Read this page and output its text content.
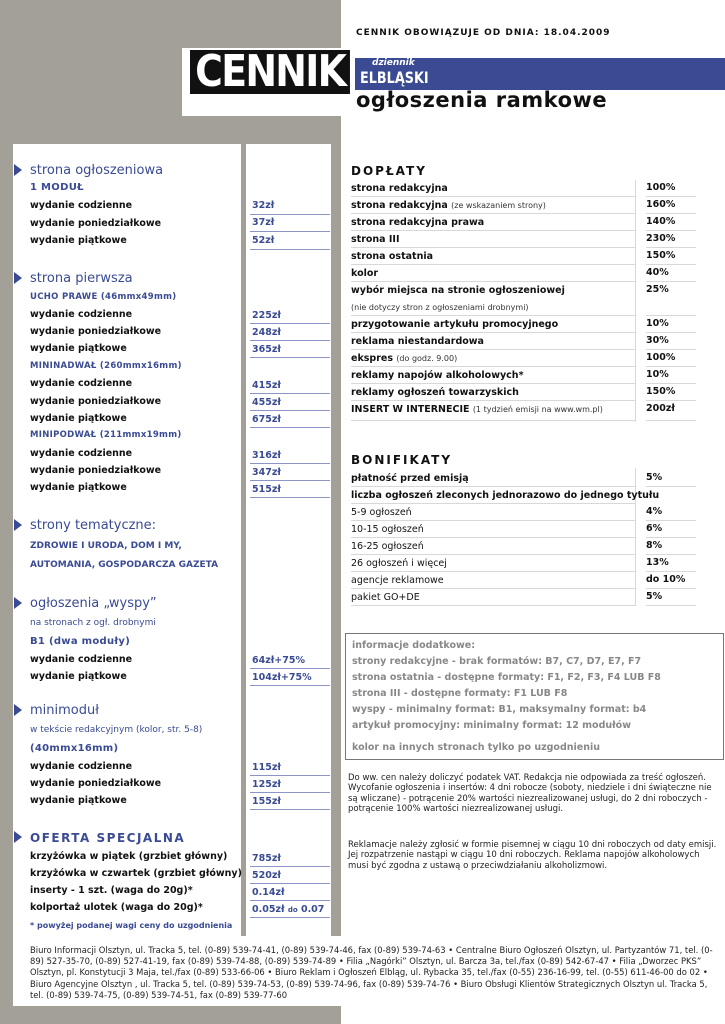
CENNIK OBOWIĄZUJE OD DNIA: 18.04.2009
CENNIK	dziennik
ELBLĄSKI
ogłoszenia ramkowe
strona ogłoszeniowa
1 MODUŁ
wydanie codzienne	32zł
wydanie poniedziałkowe	37zł
wydanie piątkowe	52zł
strona pierwsza
UCHO PRAWE (46mmx49mm)
wydanie codzienne	225zł
wydanie poniedziałkowe	248zł
wydanie piątkowe	365zł
MININADWAŁ (260mmx16mm)
wydanie codzienne	415zł
wydanie poniedziałkowe	455zł
wydanie piątkowe	675zł
MINIPODWAŁ (211mmx19mm)
wydanie codzienne	316zł
wydanie poniedziałkowe	347zł
wydanie piątkowe	515zł
strony tematyczne:
ZDROWIE I URODA, DOM I MY,
AUTOMANIA, GOSPODARCZA GAZETA
ogłoszenia „wyspy”
na stronach z ogł. drobnymi
B1 (dwa moduły)
wydanie codzienne	64zł+75%
wydanie piątkowe	104zł+75%
minimoduł
w tekście redakcyjnym (kolor, str. 5-8)
(40mmx16mm)
wydanie codzienne	115zł
wydanie poniedziałkowe	125zł
wydanie piątkowe	155zł
OFERTA SPECJALNA
krzyżówka w piątek (grzbiet główny)	785zł
krzyżówka w czwartek (grzbiet główny) 520zł
inserty - 1 szt. (waga do 20g)*	0.14zł
kolportaż ulotek (waga do 20g)*	0.05zł do 0.07
* powyżej podanej wagi ceny do uzgodnienia
DOPŁATY
strona redakcyjna	100%
strona redakcyjna (ze wskazaniem strony)	160%
strona redakcyjna prawa	140%
strona III	230%
strona ostatnia	150%
kolor	40%
wybór miejsca na stronie ogłoszeniowej	25%
(nie dotyczy stron z ogłoszeniami drobnymi)
przygotowanie artykułu promocyjnego	10%
reklama niestandardowa	30%
ekspres (do godz. 9.00)	100%
reklamy napojów alkoholowych*	10%
reklamy ogłoszeń towarzyskich	150%
INSERT W INTERNECIE (1 tydzień emisji na www.wm.pl)	200zł
BONIFIKATY
płatność przed emisją	5%
liczba ogłoszeń zleconych jednorazowo do jednego tytułu
5-9 ogłoszeń	4%
10-15 ogłoszeń	6%
16-25 ogłoszeń	8%
26 ogłoszeń i więcej	13%
agencje reklamowe	do 10%
pakiet GO+DE	5%
informacje dodatkowe:
strony redakcyjne - brak formatów: B7, C7, D7, E7, F7
strona ostatnia - dostępne formaty: F1, F2, F3, F4 LUB F8
strona III - dostępne formaty: F1 LUB F8
wyspy - minimalny format: B1, maksymalny format: b4
artykuł promocyjny: minimalny format: 12 modułów
kolor na innych stronach tylko po uzgodnieniu
Do ww. cen należy doliczyć podatek VAT. Redakcja nie odpowiada za treść ogłoszeń. Wycofanie ogłoszenia i insertów: 4 dni robocze (soboty, niedziele i dni świąteczne nie są wliczane) - potrącenie 20% wartości niezrealizowanej usługi, do 2 dni roboczych - potrącenie 100% wartości niezrealizowanej usługi.
Reklamacje należy zgłosić w formie pisemnej w ciągu 10 dni roboczych od daty emisji. Jej rozpatrzenie nastąpi w ciągu 10 dni roboczych. Reklama napojów alkoholowych musi być zgodna z ustawą o przeciwdziałaniu alkoholizmowi.
Biuro Informacji Olsztyn, ul. Tracka 5, tel. (0-89) 539-74-41, (0-89) 539-74-46, fax (0-89) 539-74-63 • Centralne Biuro Ogłoszeń Olsztyn, ul. Partyzantów 71, tel. (0-89) 527-35-70, (0-89) 527-41-19, fax (0-89) 539-74-88, (0-89) 539-74-89 • Filia „Nagórki” Olsztyn, ul. Barcza 3a, tel./fax (0-89) 542-67-47 • Filia „Dworzec PKS” Olsztyn, pl. Konstytucji 3 Maja, tel./fax (0-89) 533-66-06 • Biuro Reklam i Ogłoszeń Elbląg, ul. Rybacka 35, tel./fax (0-55) 236-16-99, tel. (0-55) 611-46-00 do 02 • Biuro Agencyjne Olsztyn , ul. Tracka 5, tel. (0-89) 539-74-53, (0-89) 539-74-96, fax (0-89) 539-74-76 • Biuro Obsługi Klientów Strategicznych Olsztyn ul. Tracka 5, tel. (0-89) 539-74-75, (0-89) 539-74-51, fax (0-89) 539-77-60
